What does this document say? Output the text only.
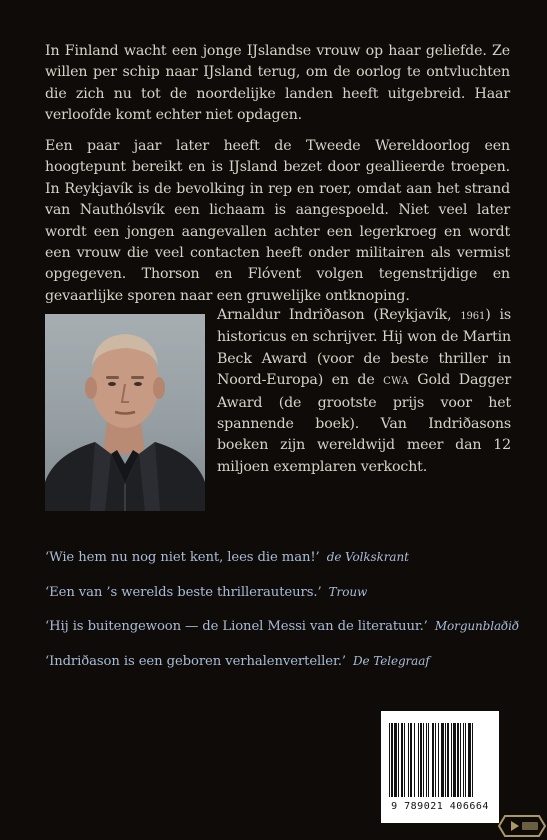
In Finland wacht een jonge IJslandse vrouw op haar geliefde. Ze willen per schip naar IJsland terug, om de oorlog te ontvluchten die zich nu tot de noordelijke landen heeft uitgebreid. Haar verloofde komt echter niet opdagen.

Een paar jaar later heeft de Tweede Wereldoorlog een hoogtepunt bereikt en is IJsland bezet door geallieerde troepen. In Reykjavík is de bevolking in rep en roer, omdat aan het strand van Nauthólsvík een lichaam is aangespoeld. Niet veel later wordt een jongen aangevallen achter een legerkroeg en wordt een vrouw die veel contacten heeft onder militairen als vermist opgegeven. Thorson en Flóvent volgen tegenstrijdige en gevaarlijke sporen naar een gruwelijke ontknoping.

Arnaldur Indriðason (Reykjavík, 1961) is historicus en schrijver. Hij won de Martin Beck Award (voor de beste thriller in Noord-Europa) en de CWA Gold Dagger Award (de grootste prijs voor het spannende boek). Van Indriðasons boeken zijn wereldwijd meer dan 12 miljoen exemplaren verkocht.

‘Wie hem nu nog niet kent, lees die man!’ de Volkskrant

‘Een van ’s werelds beste thrillerauteurs.’ Trouw

‘Hij is buitengewoon — de Lionel Messi van de literatuur.’ Morgunblaðið

‘Indriðason is een geboren verhalenverteller.’ De Telegraaf

9 789021 406664
